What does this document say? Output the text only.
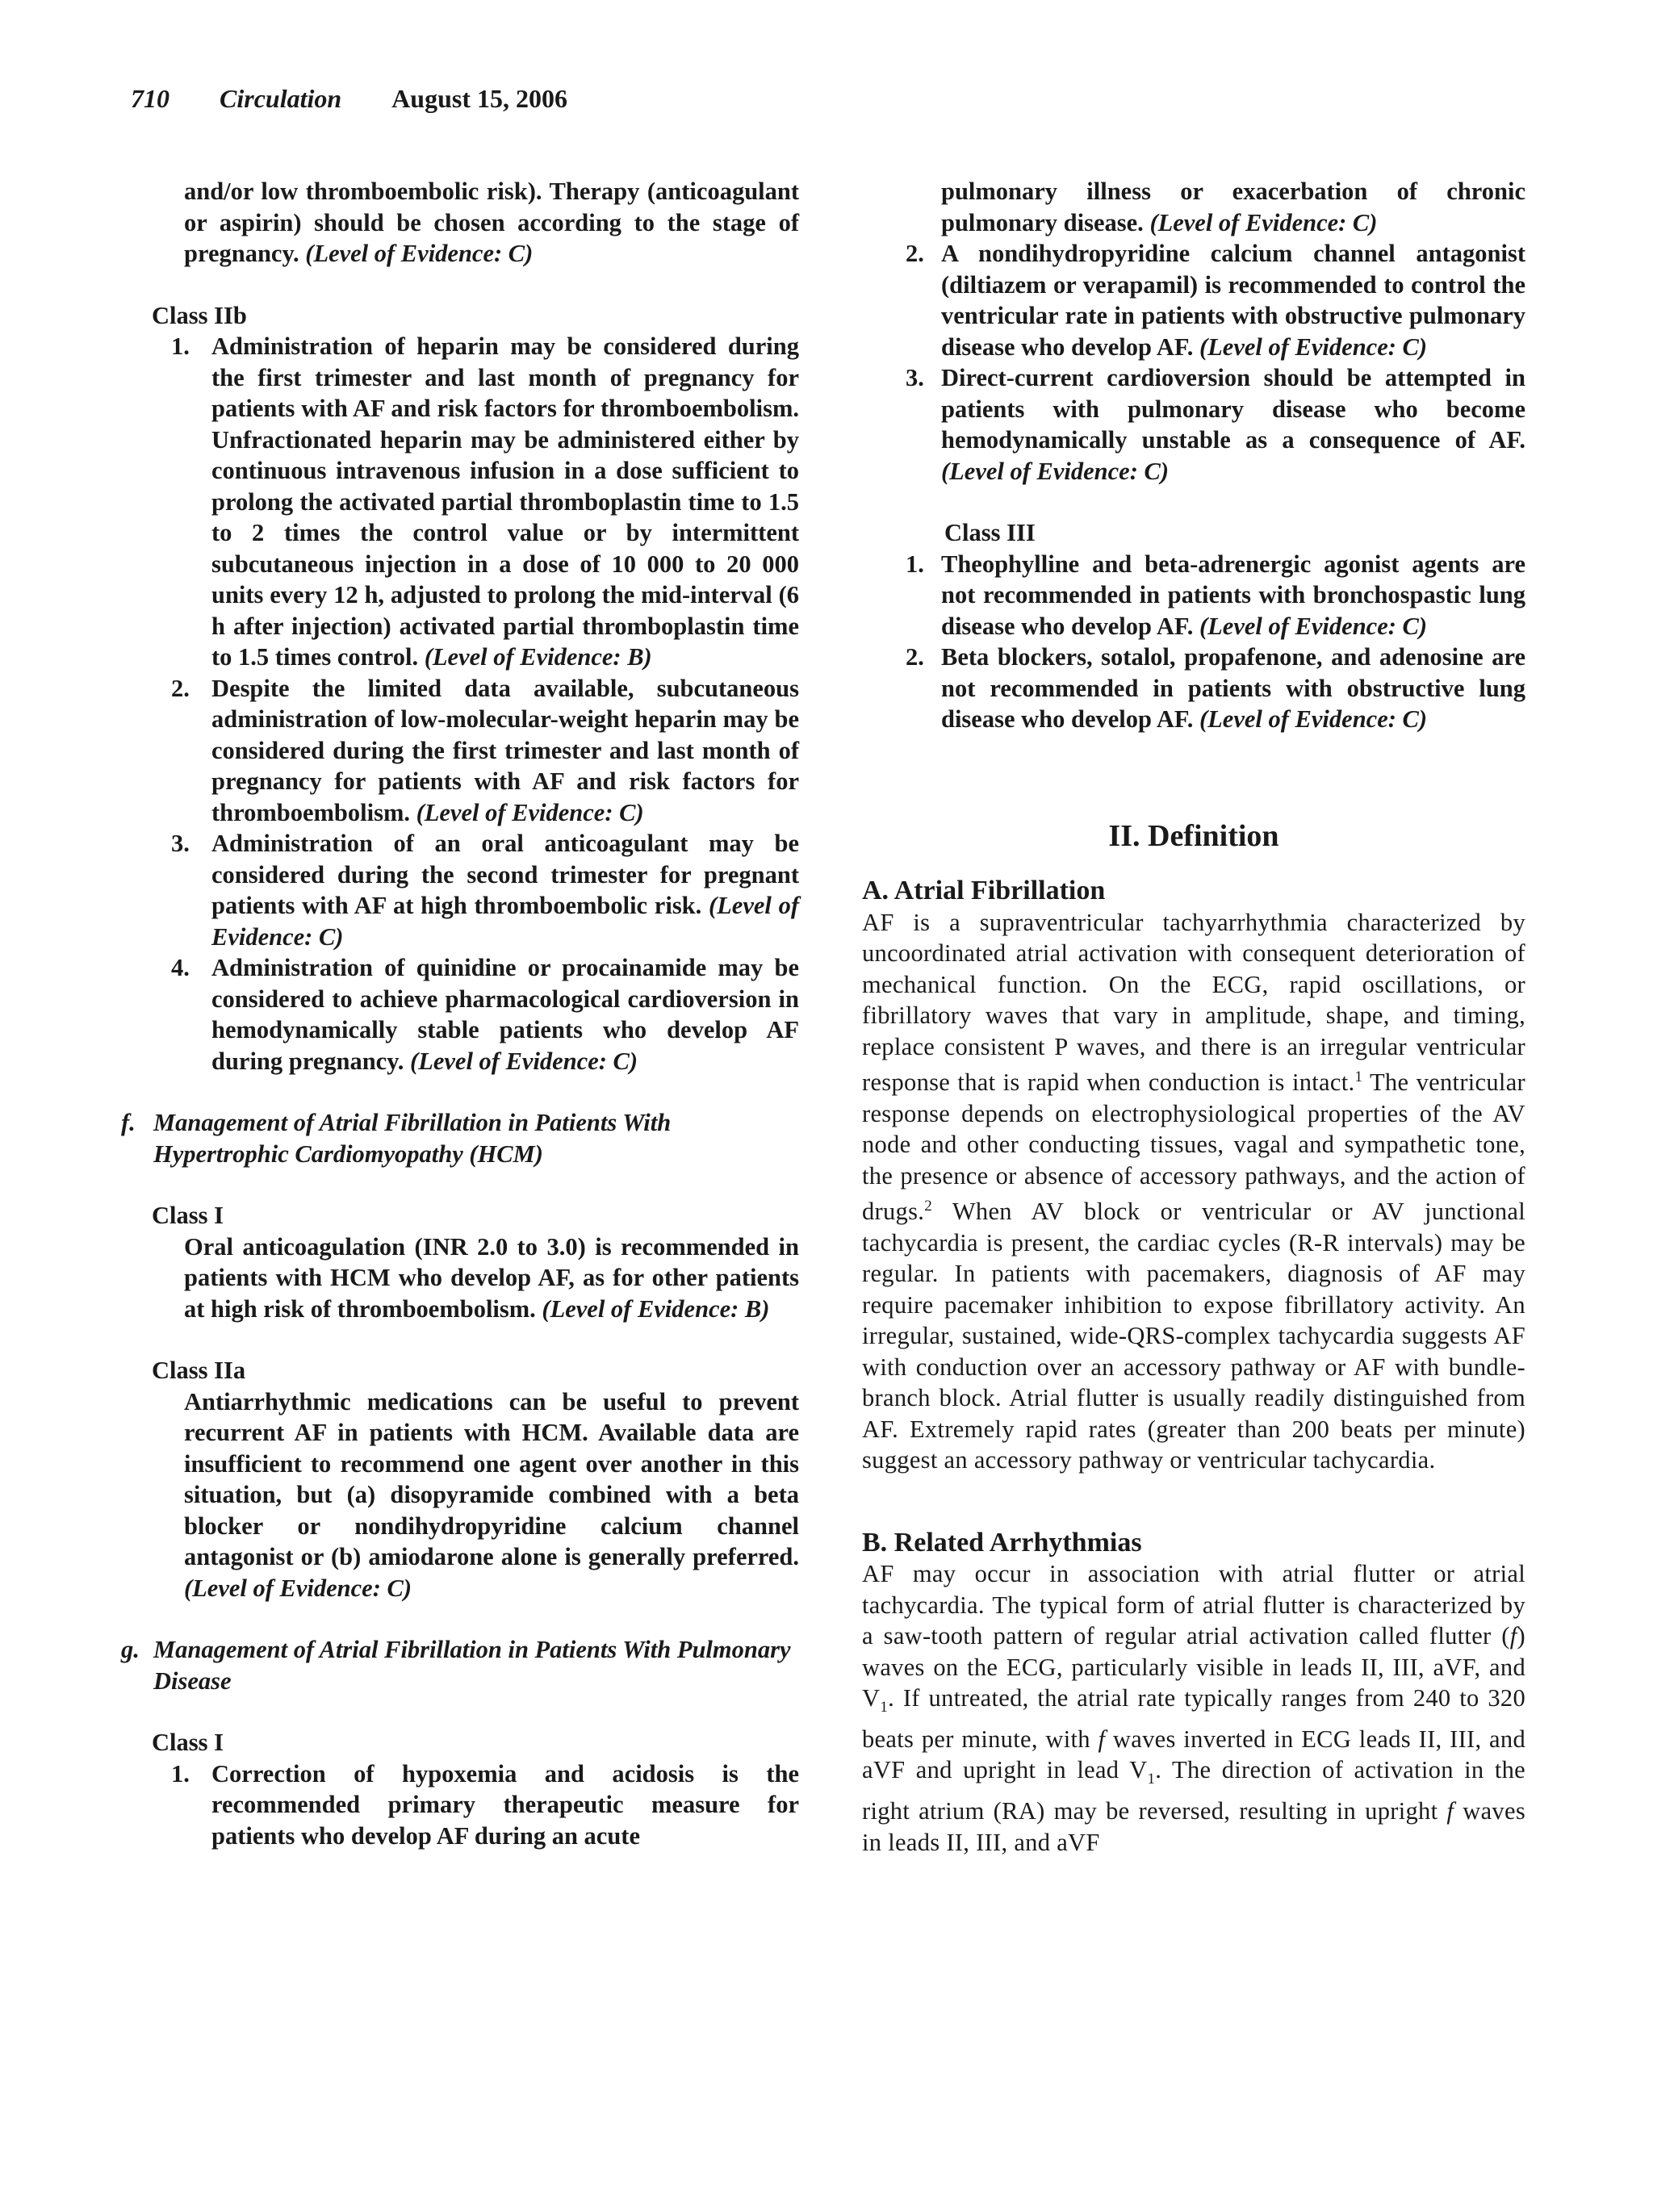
710 Circulation August 15, 2006
and/or low thromboembolic risk). Therapy (anticoagulant or aspirin) should be chosen according to the stage of pregnancy. (Level of Evidence: C)
Class IIb
1. Administration of heparin may be considered during the first trimester and last month of pregnancy for patients with AF and risk factors for thromboembolism. Unfractionated heparin may be administered either by continuous intravenous infusion in a dose sufficient to prolong the activated partial thromboplastin time to 1.5 to 2 times the control value or by intermittent subcutaneous injection in a dose of 10 000 to 20 000 units every 12 h, adjusted to prolong the mid-interval (6 h after injection) activated partial thromboplastin time to 1.5 times control. (Level of Evidence: B)
2. Despite the limited data available, subcutaneous administration of low-molecular-weight heparin may be considered during the first trimester and last month of pregnancy for patients with AF and risk factors for thromboembolism. (Level of Evidence: C)
3. Administration of an oral anticoagulant may be considered during the second trimester for pregnant patients with AF at high thromboembolic risk. (Level of Evidence: C)
4. Administration of quinidine or procainamide may be considered to achieve pharmacological cardioversion in hemodynamically stable patients who develop AF during pregnancy. (Level of Evidence: C)
f. Management of Atrial Fibrillation in Patients With Hypertrophic Cardiomyopathy (HCM)
Class I
Oral anticoagulation (INR 2.0 to 3.0) is recommended in patients with HCM who develop AF, as for other patients at high risk of thromboembolism. (Level of Evidence: B)
Class IIa
Antiarrhythmic medications can be useful to prevent recurrent AF in patients with HCM. Available data are insufficient to recommend one agent over another in this situation, but (a) disopyramide combined with a beta blocker or nondihydropyridine calcium channel antagonist or (b) amiodarone alone is generally preferred. (Level of Evidence: C)
g. Management of Atrial Fibrillation in Patients With Pulmonary Disease
Class I
1. Correction of hypoxemia and acidosis is the recommended primary therapeutic measure for patients who develop AF during an acute
pulmonary illness or exacerbation of chronic pulmonary disease. (Level of Evidence: C)
2. A nondihydropyridine calcium channel antagonist (diltiazem or verapamil) is recommended to control the ventricular rate in patients with obstructive pulmonary disease who develop AF. (Level of Evidence: C)
3. Direct-current cardioversion should be attempted in patients with pulmonary disease who become hemodynamically unstable as a consequence of AF. (Level of Evidence: C)
Class III
1. Theophylline and beta-adrenergic agonist agents are not recommended in patients with bronchospastic lung disease who develop AF. (Level of Evidence: C)
2. Beta blockers, sotalol, propafenone, and adenosine are not recommended in patients with obstructive lung disease who develop AF. (Level of Evidence: C)
II. Definition
A. Atrial Fibrillation
AF is a supraventricular tachyarrhythmia characterized by uncoordinated atrial activation with consequent deterioration of mechanical function. On the ECG, rapid oscillations, or fibrillatory waves that vary in amplitude, shape, and timing, replace consistent P waves, and there is an irregular ventricular response that is rapid when conduction is intact.$^1$ The ventricular response depends on electrophysiological properties of the AV node and other conducting tissues, vagal and sympathetic tone, the presence or absence of accessory pathways, and the action of drugs.$^2$ When AV block or ventricular or AV junctional tachycardia is present, the cardiac cycles (R-R intervals) may be regular. In patients with pacemakers, diagnosis of AF may require pacemaker inhibition to expose fibrillatory activity. An irregular, sustained, wide-QRS-complex tachycardia suggests AF with conduction over an accessory pathway or AF with bundle-branch block. Atrial flutter is usually readily distinguished from AF. Extremely rapid rates (greater than 200 beats per minute) suggest an accessory pathway or ventricular tachycardia.
B. Related Arrhythmias
AF may occur in association with atrial flutter or atrial tachycardia. The typical form of atrial flutter is characterized by a saw-tooth pattern of regular atrial activation called flutter (f) waves on the ECG, particularly visible in leads II, III, aVF, and $V_1$. If untreated, the atrial rate typically ranges from 240 to 320 beats per minute, with f waves inverted in ECG leads II, III, and aVF and upright in lead $V_1$. The direction of activation in the right atrium (RA) may be reversed, resulting in upright f waves in leads II, III, and aVF
